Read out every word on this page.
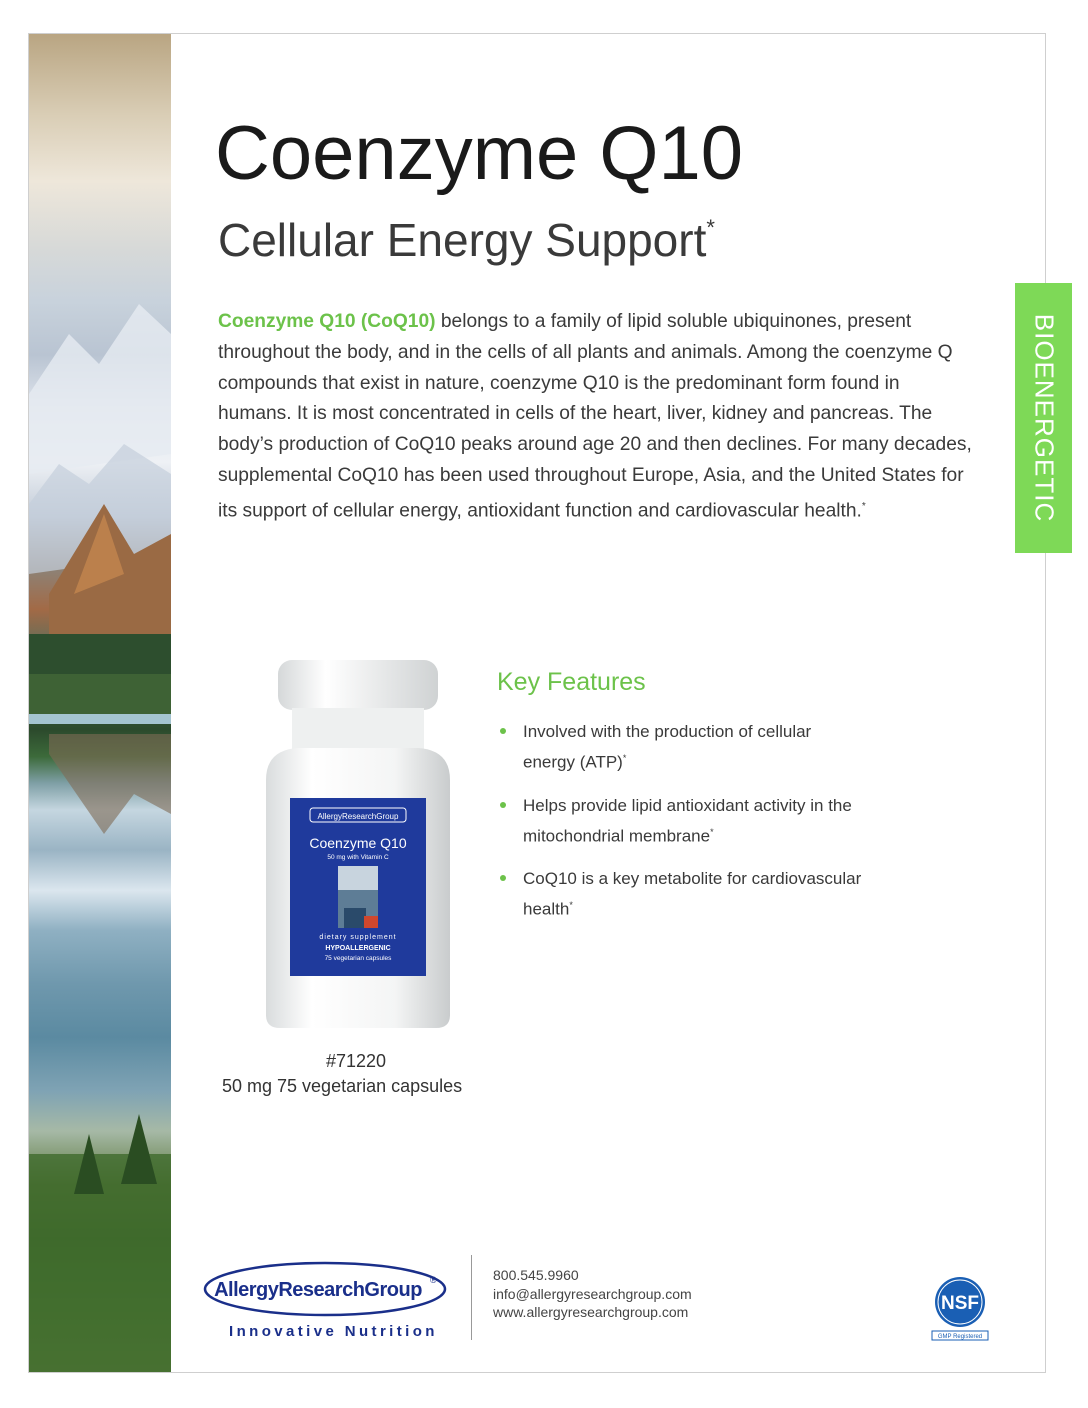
Coenzyme Q10
Cellular Energy Support*
BIOENERGETIC

Coenzyme Q10 (CoQ10) belongs to a family of lipid soluble ubiquinones, present throughout the body, and in the cells of all plants and animals. Among the coenzyme Q compounds that exist in nature, coenzyme Q10 is the predominant form found in humans. It is most concentrated in cells of the heart, liver, kidney and pancreas. The body’s production of CoQ10 peaks around age 20 and then declines. For many decades, supplemental CoQ10 has been used throughout Europe, Asia, and the United States for its support of cellular energy, antioxidant function and cardiovascular health.*

AllergyResearchGroup
Coenzyme Q10
50 mg with Vitamin C
dietary supplement
HYPOALLERGENIC
75 vegetarian capsules
#71220
50 mg 75 vegetarian capsules
Key Features
Involved with the production of cellular energy (ATP)*
Helps provide lipid antioxidant activity in the mitochondrial membrane*
CoQ10 is a key metabolite for cardiovascular health*
AllergyResearchGroup ®
Innovative Nutrition
800.545.9960
info@allergyresearchgroup.com
www.allergyresearchgroup.com	NSF
GMP Registered
